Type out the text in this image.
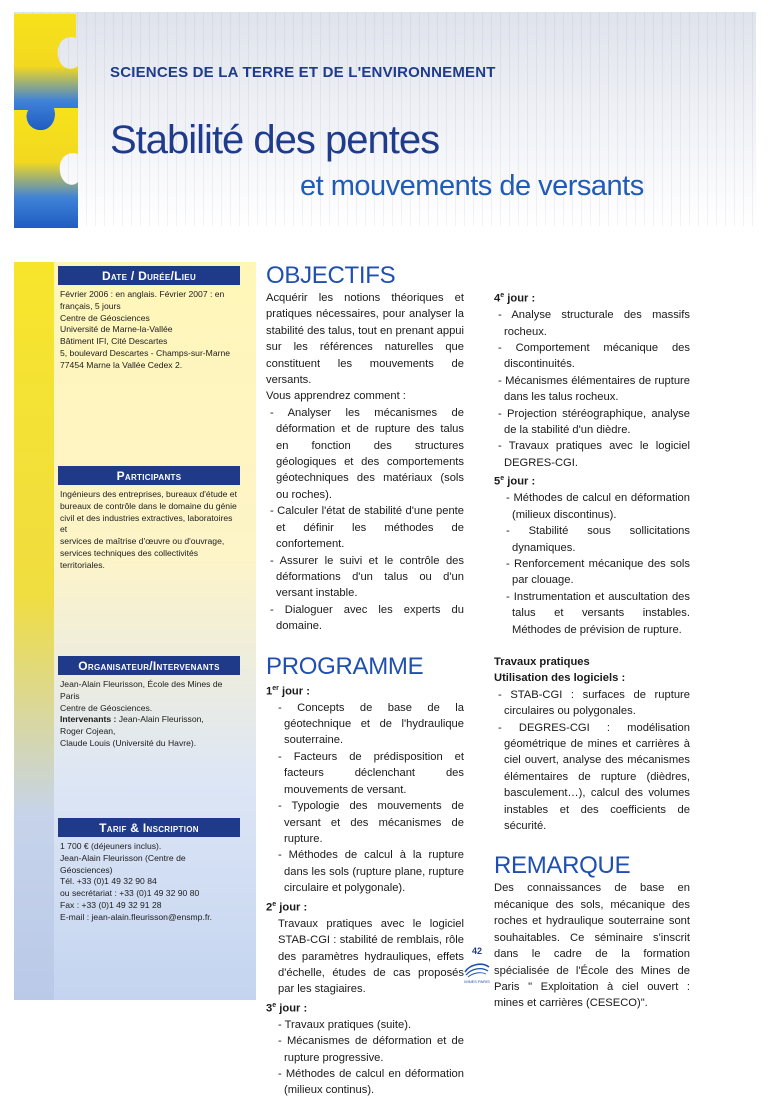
SCIENCES DE LA TERRE ET DE L'ENVIRONNEMENT
Stabilité des pentes
et mouvements de versants
Date / Durée/Lieu
Février 2006 : en anglais. Février 2007 : en
français, 5 jours
Centre de Géosciences
Université de Marne-la-Vallée
Bâtiment IFI, Cité Descartes
5, boulevard Descartes - Champs-sur-Marne
77454 Marne la Vallée Cedex 2.
Participants
Ingénieurs des entreprises, bureaux d'étude et
bureaux de contrôle dans le domaine du génie
civil et des industries extractives, laboratoires et
services de maîtrise d'œuvre ou d'ouvrage,
services techniques des collectivités
territoriales.
Organisateur/Intervenants
Jean-Alain Fleurisson, École des Mines de Paris
Centre de Géosciences.
Intervenants : Jean-Alain Fleurisson,
Roger Cojean,
Claude Louis (Université du Havre).
Tarif & Inscription
1 700 € (déjeuners inclus).
Jean-Alain Fleurisson (Centre de Géosciences)
Tél. +33 (0)1 49 32 90 84
ou secrétariat : +33 (0)1 49 32 90 80
Fax : +33 (0)1 49 32 91 28
E-mail : jean-alain.fleurisson@ensmp.fr.
OBJECTIFS

Acquérir les notions théoriques et pratiques nécessaires, pour analyser la stabilité des talus, tout en prenant appui sur les références naturelles que constituent les mouvements de versants.

Vous apprendrez comment :

- Analyser les mécanismes de déformation et de rupture des talus en fonction des structures géologiques et des comportements géotechniques des matériaux (sols ou roches).

- Calculer l'état de stabilité d'une pente et définir les méthodes de confortement.

- Assurer le suivi et le contrôle des déformations d'un talus ou d'un versant instable.

- Dialoguer avec les experts du domaine.

PROGRAMME

1er jour :

- Concepts de base de la géotechnique et de l'hydraulique souterraine.

- Facteurs de prédisposition et facteurs déclenchant des mouvements de versant.

- Typologie des mouvements de versant et des mécanismes de rupture.

- Méthodes de calcul à la rupture dans les sols (rupture plane, rupture circulaire et polygonale).

2e jour :

Travaux pratiques avec le logiciel STAB-CGI : stabilité de remblais, rôle des paramètres hydrauliques, effets d'échelle, études de cas proposés par les stagiaires.

3e jour :

- Travaux pratiques (suite).

- Mécanismes de déformation et de rupture progressive.

- Méthodes de calcul en déformation (milieux continus).

4e jour :

- Analyse structurale des massifs rocheux.

- Comportement mécanique des discontinuités.

- Mécanismes élémentaires de rupture dans les talus rocheux.

- Projection stéréographique, analyse de la stabilité d'un dièdre.

- Travaux pratiques avec le logiciel DEGRES-CGI.

5e jour :

- Méthodes de calcul en déformation (milieux discontinus).

- Stabilité sous sollicitations dynamiques.

- Renforcement mécanique des sols par clouage.

- Instrumentation et auscultation des talus et versants instables. Méthodes de prévision de rupture.

Travaux pratiques

Utilisation des logiciels :

- STAB-CGI : surfaces de rupture circulaires ou polygonales.

- DEGRES-CGI : modélisation géométrique de mines et carrières à ciel ouvert, analyse des mécanismes élémentaires de rupture (dièdres, basculement…), calcul des volumes instables et des coefficients de sécurité.

REMARQUE

Des connaissances de base en mécanique des sols, mécanique des roches et hydraulique souterraine sont souhaitables. Ce séminaire s'inscrit dans le cadre de la formation spécialisée de l'École des Mines de Paris " Exploitation à ciel ouvert : mines et carrières (CESECO)".

42
MINES PARIS
